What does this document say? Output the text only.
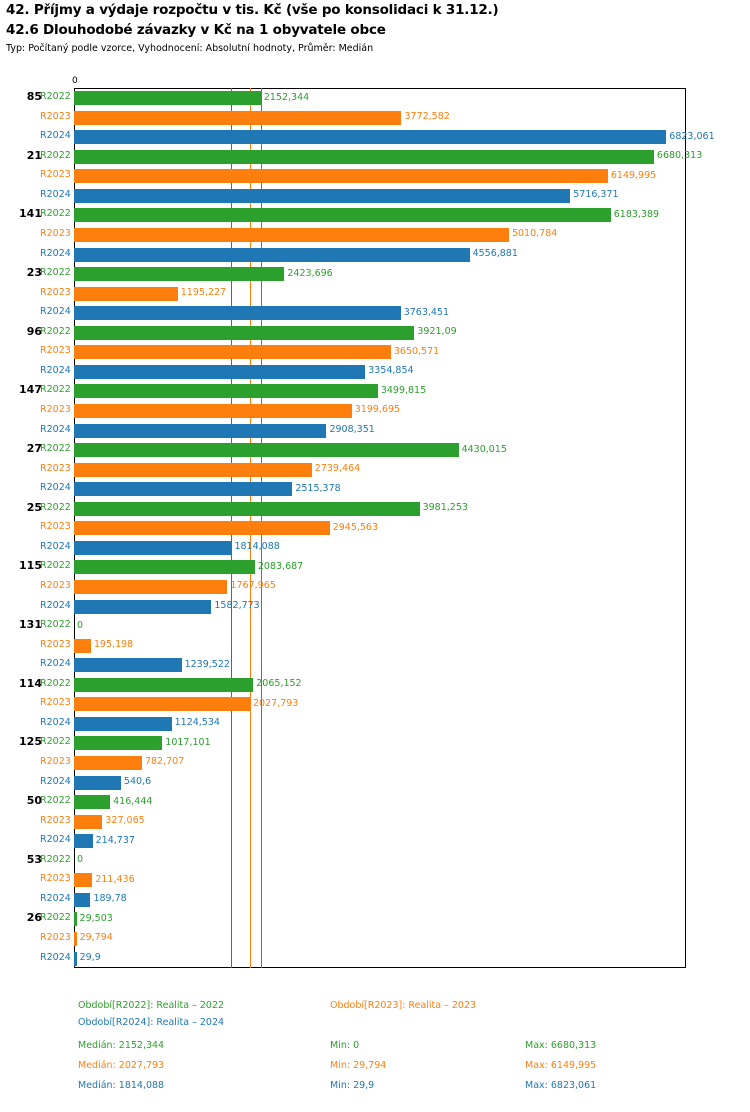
42. Příjmy a výdaje rozpočtu v tis. Kč (vše po konsolidaci k 31.12.)
42.6 Dlouhodobé závazky v Kč na 1 obyvatele obce
Typ: Počítaný podle vzorce, Vyhodnocení: Absolutní hodnoty, Průměr: Medián
0
85
R2022	2152,344
R2023	3772,582
R2024	6823,061
21
R2022	6680,313
R2023	6149,995
R2024	5716,371
141
R2022	6183,389
R2023	5010,784
R2024	4556,881
23
R2022	2423,696
R2023	1195,227
R2024	3763,451
96
R2022	3921,09
R2023	3650,571
R2024	3354,854
147
R2022	3499,815
R2023	3199,695
R2024	2908,351
27
R2022	4430,015
R2023	2739,464
R2024	2515,378
25
R2022	3981,253
R2023	2945,563
R2024	1814,088
115
R2022	2083,687
R2023	1767,965
R2024	1582,773
131
R2022 0
R2023 195,198
R2024	1239,522
114
R2022	2065,152
R2023	2027,793
R2024	1124,534
125
R2022	1017,101
R2023	782,707
R2024	540,6
50
R2022	416,444
R2023	327,065
R2024	214,737
53
R2022 0
R2023	211,436
R2024 189,78
26
R2022 29,503
R2023 29,794
R2024 29,9
Období[R2022]: Realita – 2022	Období[R2023]: Realita – 2023
Období[R2024]: Realita – 2024
Medián: 2152,344	Min: 0	Max: 6680,313
Medián: 2027,793	Min: 29,794	Max: 6149,995
Medián: 1814,088	Min: 29,9	Max: 6823,061
